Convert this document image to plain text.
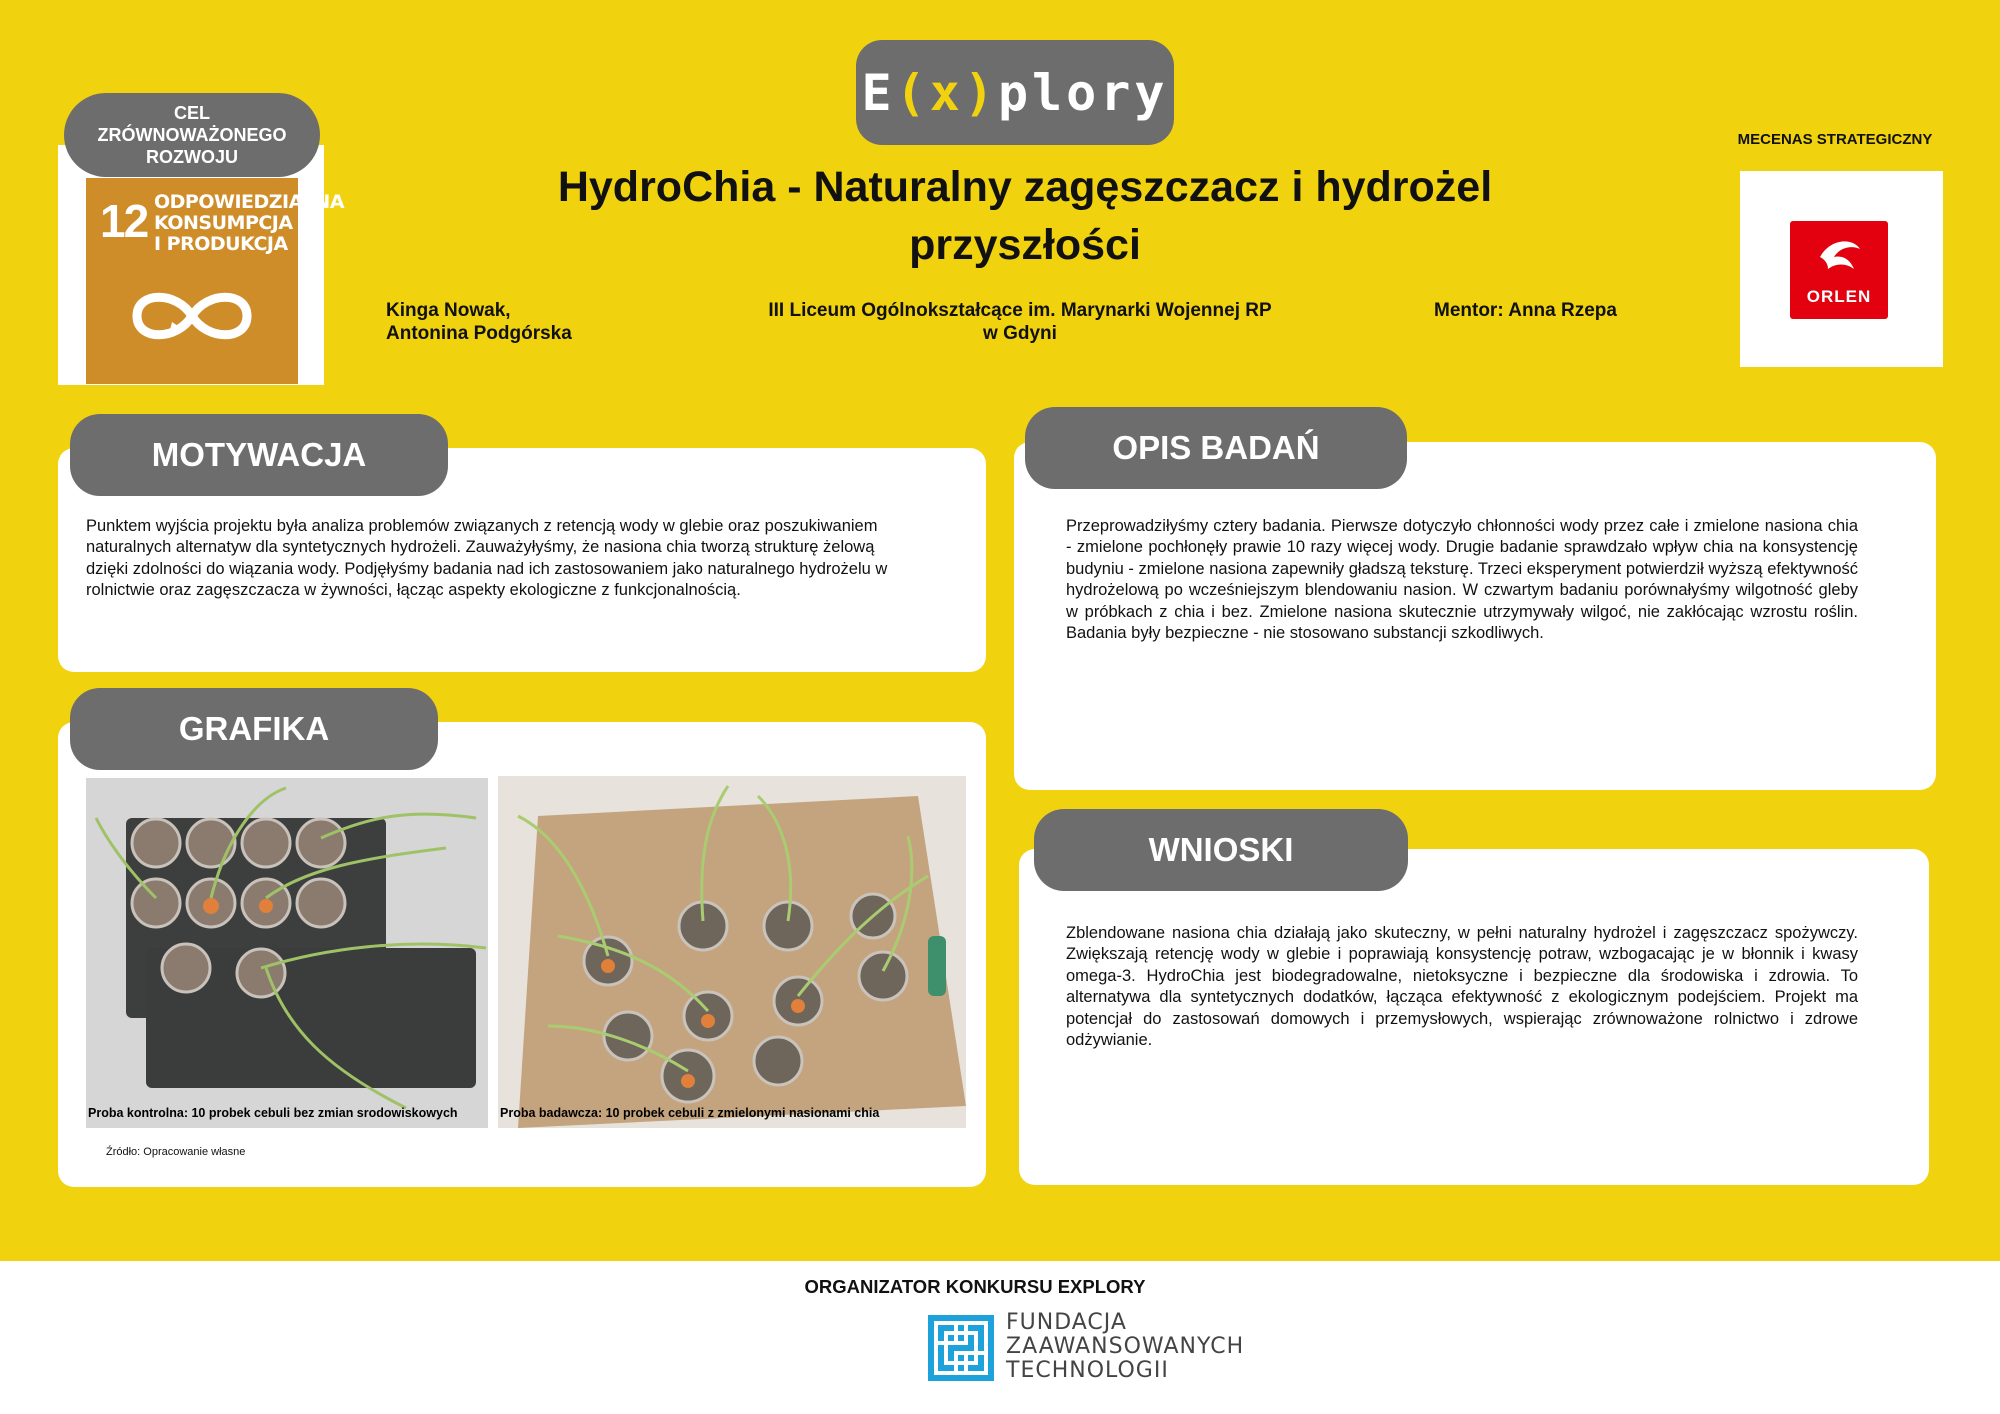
E ( x ) plory
12 ODPOWIEDZIALNA
KONSUMPCJA
I PRODUKCJA
CEL
ZRÓWNOWAŻONEGO
ROZWOJU
HydroChia - Naturalny zagęszczacz i hydrożel
przyszłości
Kinga Nowak,
Antonina Podgórska
III Liceum Ogólnokształcące im. Marynarki Wojennej RP
w Gdyni
Mentor: Anna Rzepa
MECENAS STRATEGICZNY
ORLEN
MOTYWACJA
Punktem wyjścia projektu była analiza problemów związanych z retencją wody w glebie oraz poszukiwaniem naturalnych alternatyw dla syntetycznych hydrożeli. Zauważyłyśmy, że nasiona chia tworzą strukturę żelową dzięki zdolności do wiązania wody. Podjęłyśmy badania nad ich zastosowaniem jako naturalnego hydrożelu w rolnictwie oraz zagęszczacza w żywności, łącząc aspekty ekologiczne z funkcjonalnością.
GRAFIKA
Proba kontrolna: 10 probek cebuli bez zmian srodowiskowych	Proba badawcza: 10 probek cebuli z zmielonymi nasionami chia
Źródło: Opracowanie własne
OPIS BADAŃ
Przeprowadziłyśmy cztery badania. Pierwsze dotyczyło chłonności wody przez całe i zmielone nasiona chia - zmielone pochłonęły prawie 10 razy więcej wody. Drugie badanie sprawdzało wpływ chia na konsystencję budyniu - zmielone nasiona zapewniły gładszą teksturę. Trzeci eksperyment potwierdził wyższą efektywność hydrożelową po wcześniejszym blendowaniu nasion. W czwartym badaniu porównałyśmy wilgotność gleby w próbkach z chia i bez. Zmielone nasiona skutecznie utrzymywały wilgoć, nie zakłócając wzrostu roślin. Badania były bezpieczne - nie stosowano substancji szkodliwych.
WNIOSKI
Zblendowane nasiona chia działają jako skuteczny, w pełni naturalny hydrożel i zagęszczacz spożywczy. Zwiększają retencję wody w glebie i poprawiają konsystencję potraw, wzbogacając je w błonnik i kwasy omega-3. HydroChia jest biodegradowalne, nietoksyczne i bezpieczne dla środowiska i zdrowia. To alternatywa dla syntetycznych dodatków, łącząca efektywność z ekologicznym podejściem. Projekt ma potencjał do zastosowań domowych i przemysłowych, wspierając zrównoważone rolnictwo i zdrowe odżywianie.
ORGANIZATOR KONKURSU EXPLORY
FUNDACJA
ZAAWANSOWANYCH
TECHNOLOGII
